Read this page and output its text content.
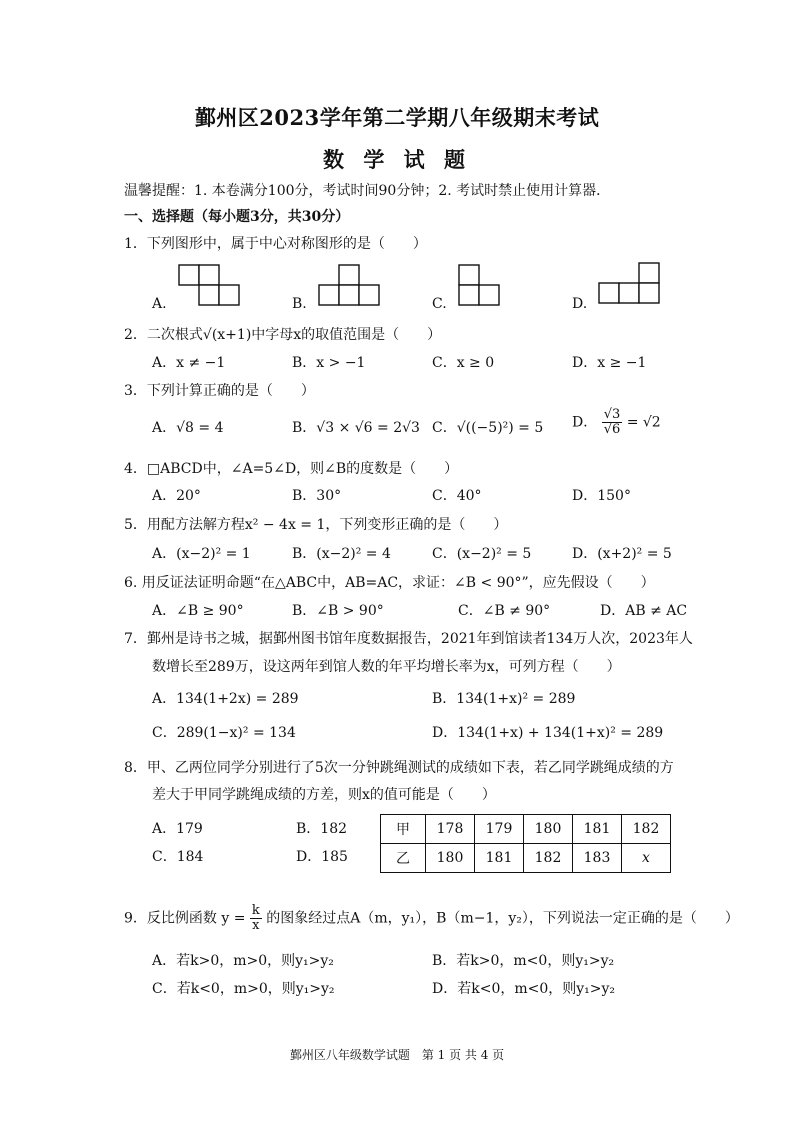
鄞州区2023学年第二学期八年级期末考试
数 学 试 题
温馨提醒：1. 本卷满分100分，考试时间90分钟；2. 考试时禁止使用计算器．
一、选择题（每小题3分，共30分）
1．下列图形中，属于中心对称图形的是（　　）
A.	B.	C.	D.
2．二次根式√(x+1)中字母x的取值范围是（　　）
A．x ≠ −1	B．x > −1	C．x ≥ 0	D．x ≥ −1
3．下列计算正确的是（　　）
A．√8 = 4	B．√3 × √6 = 2√3 C．√((−5)²) = 5 D． $\frac{√3}{√6} = √2$
4．□ABCD中，∠A=5∠D，则∠B的度数是（　　）
A．20°	B．30°	C．40°	D．150°
5．用配方法解方程x² − 4x = 1，下列变形正确的是（　　）
A．(x−2)² = 1	B．(x−2)² = 4	C．(x−2)² = 5	D．(x+2)² = 5
6. 用反证法证明命题“在△ABC中，AB=AC，求证：∠B < 90°”，应先假设（　　）
A．∠B ≥ 90°	B．∠B > 90°	C．∠B ≠ 90°	D．AB ≠ AC
7．鄞州是诗书之城，据鄞州图书馆年度数据报告，2021年到馆读者134万人次，2023年人
数增长至289万，设这两年到馆人数的年平均增长率为x，可列方程（　　）
A．134(1+2x) = 289	B．134(1+x)² = 289
C．289(1−x)² = 134	D．134(1+x) + 134(1+x)² = 289
8．甲、乙两位同学分别进行了5次一分钟跳绳测试的成绩如下表，若乙同学跳绳成绩的方
差大于甲同学跳绳成绩的方差，则x的值可能是（　　）
A．179	B．182
C．184	D．185
甲	178	179	180	181	182
乙	180	181	182	183	x
9．反比例函数 $y = \frac{k}{x}$ 的图象经过点A（m，y₁），B（m−1，y₂），下列说法一定正确的是（　　）
A．若k>0，m>0，则y₁>y₂	B．若k>0，m<0，则y₁>y₂
C．若k<0，m>0，则y₁>y₂	D．若k<0，m<0，则y₁>y₂
鄞州区八年级数学试题　第 1 页 共 4 页
